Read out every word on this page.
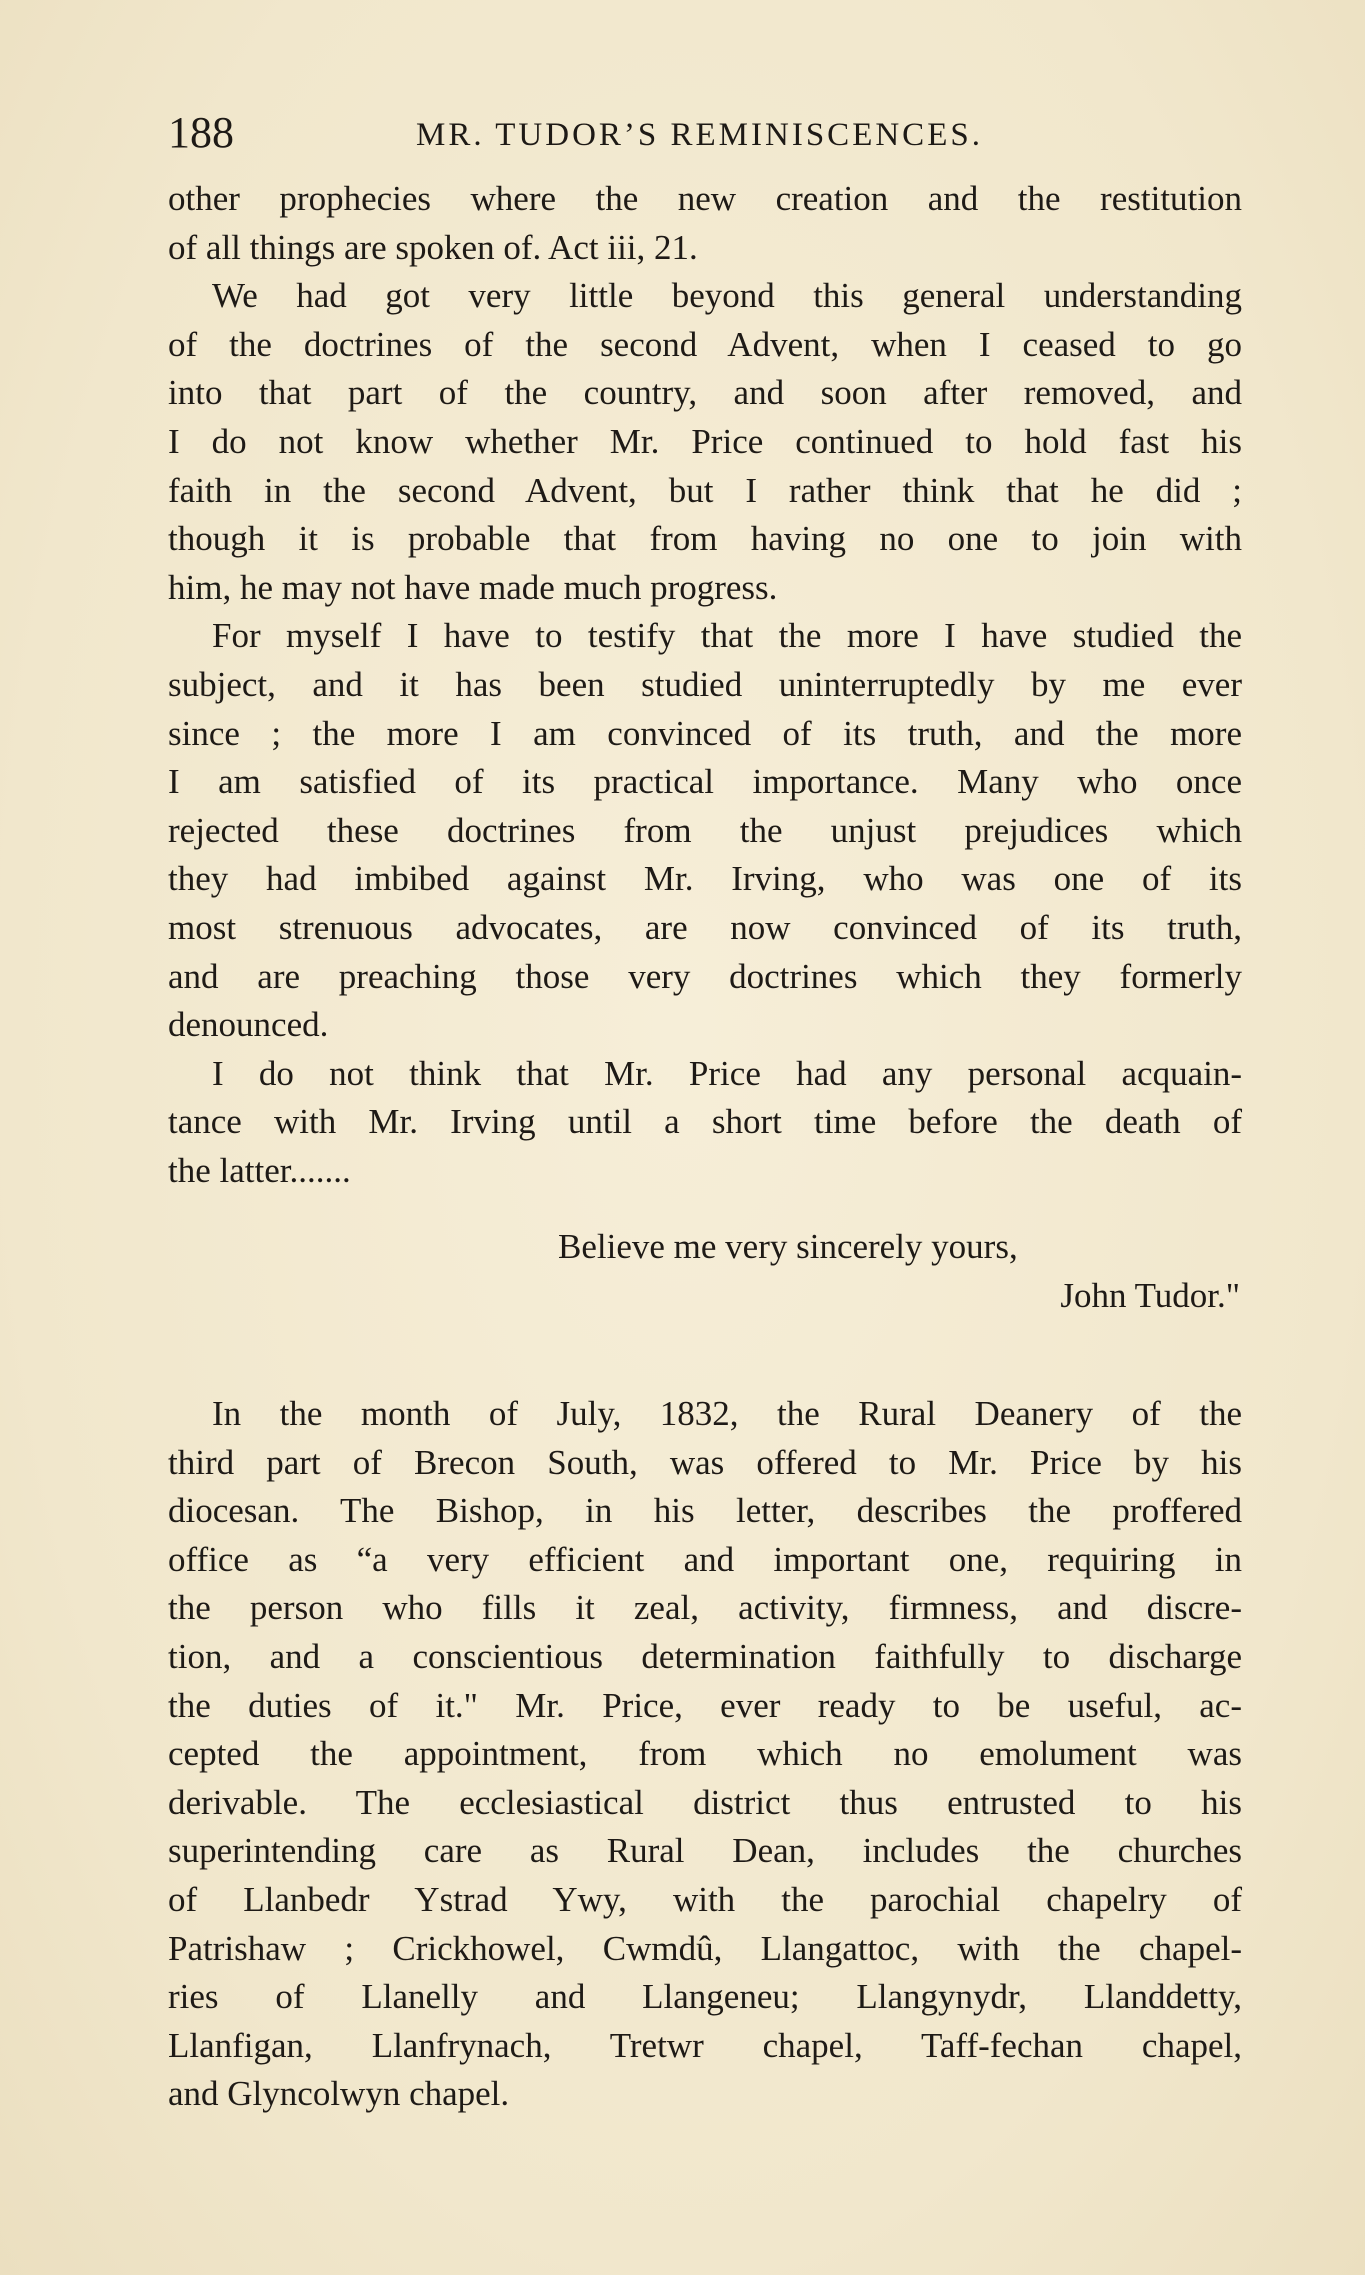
188	MR. TUDOR’S REMINISCENCES.
other prophecies where the new creation and the restitution
of all things are spoken of. Act iii, 21.
We had got very little beyond this general understanding
of the doctrines of the second Advent, when I ceased to go
into that part of the country, and soon after removed, and
I do not know whether Mr. Price continued to hold fast his
faith in the second Advent, but I rather think that he did ;
though it is probable that from having no one to join with
him, he may not have made much progress.
For myself I have to testify that the more I have studied the
subject, and it has been studied uninterruptedly by me ever
since ; the more I am convinced of its truth, and the more
I am satisfied of its practical importance. Many who once
rejected these doctrines from the unjust prejudices which
they had imbibed against Mr. Irving, who was one of its
most strenuous advocates, are now convinced of its truth,
and are preaching those very doctrines which they formerly
denounced.
I do not think that Mr. Price had any personal acquain-
tance with Mr. Irving until a short time before the death of
the latter.......
Believe me very sincerely yours,
John Tudor."
In the month of July, 1832, the Rural Deanery of the
third part of Brecon South, was offered to Mr. Price by his
diocesan. The Bishop, in his letter, describes the proffered
office as “a very efficient and important one, requiring in
the person who fills it zeal, activity, firmness, and discre-
tion, and a conscientious determination faithfully to discharge
the duties of it." Mr. Price, ever ready to be useful, ac-
cepted the appointment, from which no emolument was
derivable. The ecclesiastical district thus entrusted to his
superintending care as Rural Dean, includes the churches
of Llanbedr Ystrad Ywy, with the parochial chapelry of
Patrishaw ; Crickhowel, Cwmdû, Llangattoc, with the chapel-
ries of Llanelly and Llangeneu; Llangynydr, Llanddetty,
Llanfigan, Llanfrynach, Tretwr chapel, Taff-fechan chapel,
and Glyncolwyn chapel.
